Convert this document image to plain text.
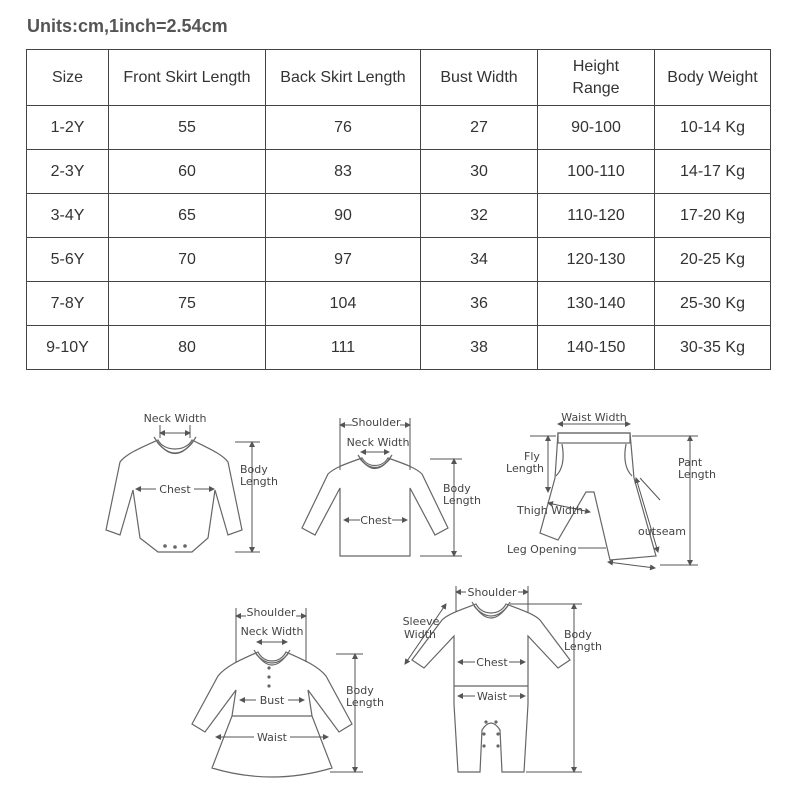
Units:cm,1inch=2.54cm
Size	Front Skirt Length	Back Skirt Length	Bust Width	Height Range	Body Weight
1-2Y	55	76	27	90-100	10-14 Kg
2-3Y	60	83	30	100-110	14-17 Kg
3-4Y	65	90	32	110-120	17-20 Kg
5-6Y	70	97	34	120-130	20-25 Kg
7-8Y	75	104	36	130-140	25-30 Kg
9-10Y	80	111	38	140-150	30-35 Kg
Neck Width
Chest
Body
Length
Shoulder
Neck Width
Chest
Body
Length
Waist Width
Fly
Length	Pant
Length
Thigh Width
outseam
Leg Opening
Shoulder
Neck Width
Bust
Waist
Body
Length
Shoulder
Sleeve
Width
Chest
Waist
Body
Length
